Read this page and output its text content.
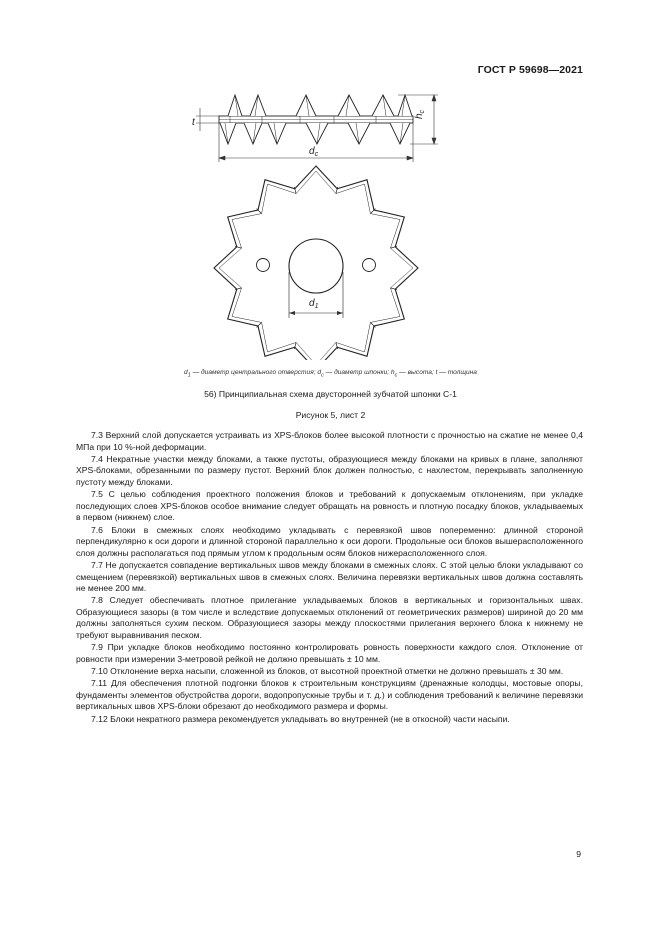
ГОСТ Р 59698—2021
t
$h_c$
$d_c$
$d_1$
$d_1$ — диаметр центрального отверстия; $d_c$ — диаметр шпонки; $h_c$ — высота; t — толщина
56) Принципиальная схема двусторонней зубчатой шпонки С-1
Рисунок 5, лист 2

7.3 Верхний слой допускается устраивать из XPS-блоков более высокой плотности с прочностью на сжатие не менее 0,4 МПа при 10 %-ной деформации.

7.4 Некратные участки между блоками, а также пустоты, образующиеся между блоками на кривых в плане, заполняют XPS-блоками, обрезанными по размеру пустот. Верхний блок должен полностью, с нахлестом, перекрывать заполненную пустоту между блоками.

7.5 С целью соблюдения проектного положения блоков и требований к допускаемым отклонениям, при укладке последующих слоев XPS-блоков особое внимание следует обращать на ровность и плотную посадку блоков, укладываемых в первом (нижнем) слое.

7.6 Блоки в смежных слоях необходимо укладывать с перевязкой швов попеременно: длинной стороной перпендикулярно к оси дороги и длинной стороной параллельно к оси дороги. Продольные оси блоков вышерасположенного слоя должны располагаться под прямым углом к продольным осям блоков нижерасположенного слоя.

7.7 Не допускается совпадение вертикальных швов между блоками в смежных слоях. С этой целью блоки укладывают со смещением (перевязкой) вертикальных швов в смежных слоях. Величина перевязки вертикальных швов должна составлять не менее 200 мм.

7.8 Следует обеспечивать плотное прилегание укладываемых блоков в вертикальных и горизонтальных швах. Образующиеся зазоры (в том числе и вследствие допускаемых отклонений от геометрических размеров) шириной до 20 мм должны заполняться сухим песком. Образующиеся зазоры между плоскостями прилегания верхнего блока к нижнему не требуют выравнивания песком.

7.9 При укладке блоков необходимо постоянно контролировать ровность поверхности каждого слоя. Отклонение от ровности при измерении 3-метровой рейкой не должно превышать ± 10 мм.

7.10 Отклонение верха насыпи, сложенной из блоков, от высотной проектной отметки не должно превышать ± 30 мм.

7.11 Для обеспечения плотной подгонки блоков к строительным конструкциям (дренажные колодцы, мостовые опоры, фундаменты элементов обустройства дороги, водопропускные трубы и т. д.) и соблюдения требований к величине перевязки вертикальных швов XPS-блоки обрезают до необходимого размера и формы.

7.12 Блоки некратного размера рекомендуется укладывать во внутренней (не в откосной) части насыпи.

9
